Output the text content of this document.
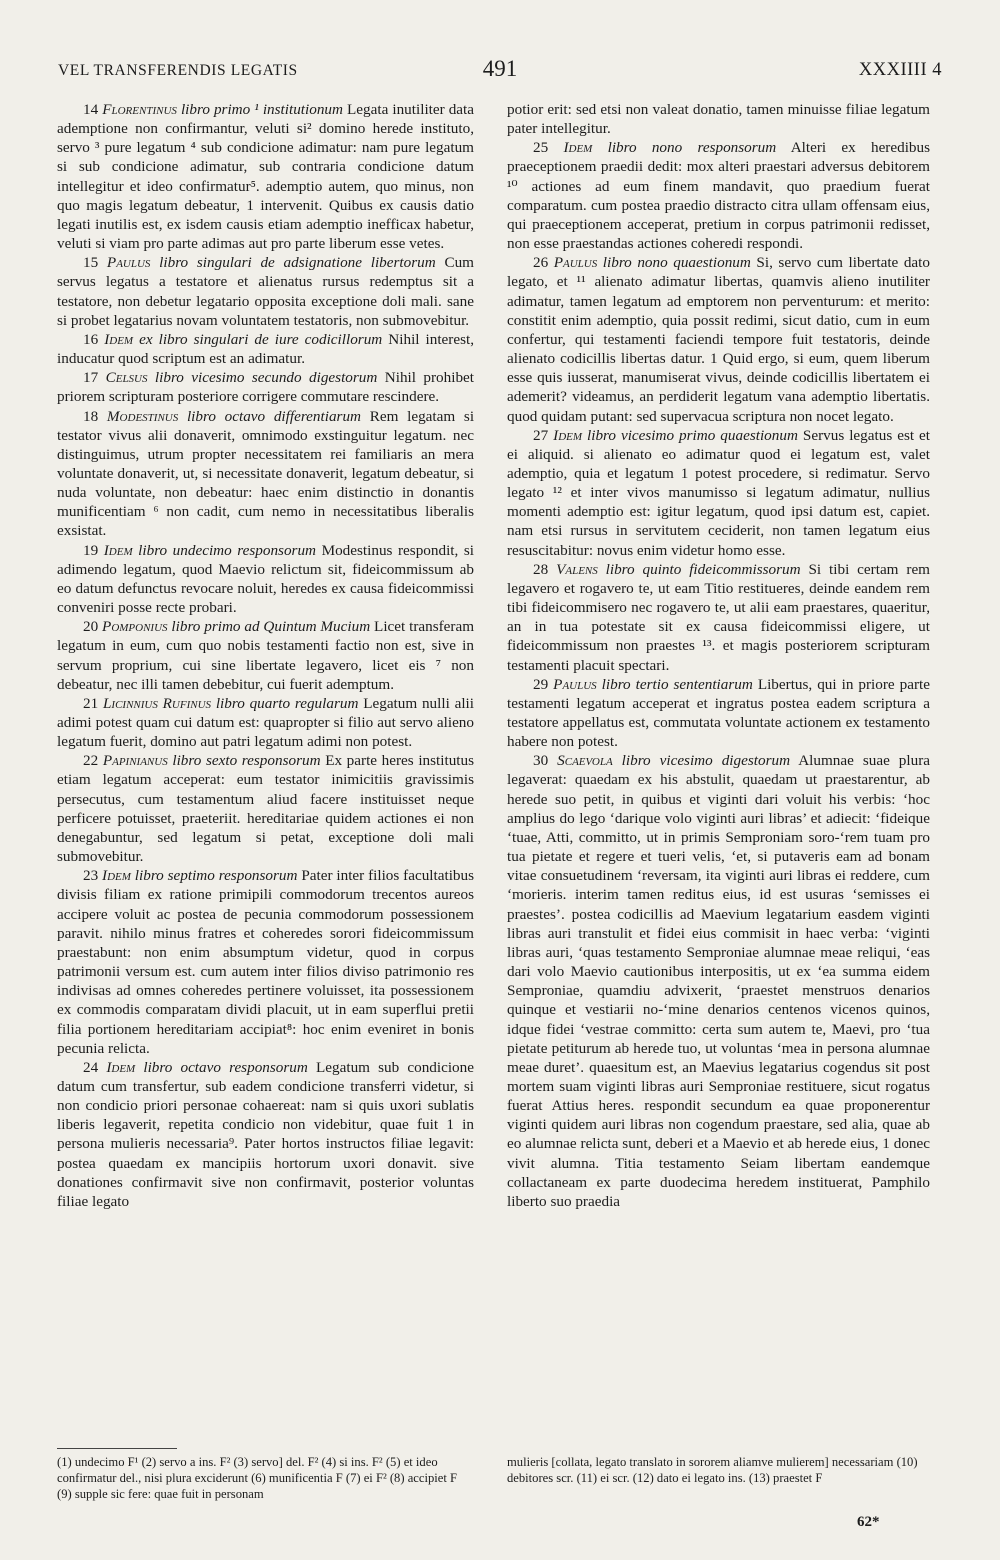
VEL TRANSFERENDIS LEGATIS	491	XXXIIII 4

14 Florentinus libro primo ¹ institutionum Legata inutiliter data ademptione non confirmantur, veluti si² domino herede instituto, servo ³ pure legatum ⁴ sub condicione adimatur: nam pure legatum si sub condicione adimatur, sub contraria condicione datum intellegitur et ideo confirmatur⁵. ademptio autem, quo minus, non quo magis legatum debeatur, 1 intervenit. Quibus ex causis datio legati inutilis est, ex isdem causis etiam ademptio inefficax habetur, veluti si viam pro parte adimas aut pro parte liberum esse vetes.

15 Paulus libro singulari de adsignatione libertorum Cum servus legatus a testatore et alienatus rursus redemptus sit a testatore, non debetur legatario opposita exceptione doli mali. sane si probet legatarius novam voluntatem testatoris, non submovebitur.

16 Idem ex libro singulari de iure codicillorum Nihil interest, inducatur quod scriptum est an adimatur.

17 Celsus libro vicesimo secundo digestorum Nihil prohibet priorem scripturam posteriore corrigere commutare rescindere.

18 Modestinus libro octavo differentiarum Rem legatam si testator vivus alii donaverit, omnimodo exstinguitur legatum. nec distinguimus, utrum propter necessitatem rei familiaris an mera voluntate donaverit, ut, si necessitate donaverit, legatum debeatur, si nuda voluntate, non debeatur: haec enim distinctio in donantis munificentiam ⁶ non cadit, cum nemo in necessitatibus liberalis exsistat.

19 Idem libro undecimo responsorum Modestinus respondit, si adimendo legatum, quod Maevio relictum sit, fideicommissum ab eo datum defunctus revocare noluit, heredes ex causa fideicommissi conveniri posse recte probari.

20 Pomponius libro primo ad Quintum Mucium Licet transferam legatum in eum, cum quo nobis testamenti factio non est, sive in servum proprium, cui sine libertate legavero, licet eis ⁷ non debeatur, nec illi tamen debebitur, cui fuerit ademptum.

21 Licinnius Rufinus libro quarto regularum Legatum nulli alii adimi potest quam cui datum est: quapropter si filio aut servo alieno legatum fuerit, domino aut patri legatum adimi non potest.

22 Papinianus libro sexto responsorum Ex parte heres institutus etiam legatum acceperat: eum testator inimicitiis gravissimis persecutus, cum testamentum aliud facere instituisset neque perficere potuisset, praeteriit. hereditariae quidem actiones ei non denegabuntur, sed legatum si petat, exceptione doli mali submovebitur.

23 Idem libro septimo responsorum Pater inter filios facultatibus divisis filiam ex ratione primipili commodorum trecentos aureos accipere voluit ac postea de pecunia commodorum possessionem paravit. nihilo minus fratres et coheredes sorori fideicommissum praestabunt: non enim absumptum videtur, quod in corpus patrimonii versum est. cum autem inter filios diviso patrimonio res indivisas ad omnes coheredes pertinere voluisset, ita possessionem ex commodis comparatam dividi placuit, ut in eam superflui pretii filia portionem hereditariam accipiat⁸: hoc enim eveniret in bonis pecunia relicta.

24 Idem libro octavo responsorum Legatum sub condicione datum cum transfertur, sub eadem condicione transferri videtur, si non condicio priori personae cohaereat: nam si quis uxori sublatis liberis legaverit, repetita condicio non videbitur, quae fuit 1 in persona mulieris necessaria⁹. Pater hortos instructos filiae legavit: postea quaedam ex mancipiis hortorum uxori donavit. sive donationes confirmavit sive non confirmavit, posterior voluntas filiae legato

potior erit: sed etsi non valeat donatio, tamen minuisse filiae legatum pater intellegitur.

25 Idem libro nono responsorum Alteri ex heredibus praeceptionem praedii dedit: mox alteri praestari adversus debitorem ¹⁰ actiones ad eum finem mandavit, quo praedium fuerat comparatum. cum postea praedio distracto citra ullam offensam eius, qui praeceptionem acceperat, pretium in corpus patrimonii redisset, non esse praestandas actiones coheredi respondi.

26 Paulus libro nono quaestionum Si, servo cum libertate dato legato, et ¹¹ alienato adimatur libertas, quamvis alieno inutiliter adimatur, tamen legatum ad emptorem non perventurum: et merito: constitit enim ademptio, quia possit redimi, sicut datio, cum in eum confertur, qui testamenti faciendi tempore fuit testatoris, deinde alienato codicillis libertas datur. 1 Quid ergo, si eum, quem liberum esse quis iusserat, manumiserat vivus, deinde codicillis libertatem ei ademerit? videamus, an perdiderit legatum vana ademptio libertatis. quod quidam putant: sed supervacua scriptura non nocet legato.

27 Idem libro vicesimo primo quaestionum Servus legatus est et ei aliquid. si alienato eo adimatur quod ei legatum est, valet ademptio, quia et legatum 1 potest procedere, si redimatur. Servo legato ¹² et inter vivos manumisso si legatum adimatur, nullius momenti ademptio est: igitur legatum, quod ipsi datum est, capiet. nam etsi rursus in servitutem ceciderit, non tamen legatum eius resuscitabitur: novus enim videtur homo esse.

28 Valens libro quinto fideicommissorum Si tibi certam rem legavero et rogavero te, ut eam Titio restitueres, deinde eandem rem tibi fideicommisero nec rogavero te, ut alii eam praestares, quaeritur, an in tua potestate sit ex causa fideicommissi eligere, ut fideicommissum non praestes ¹³. et magis posteriorem scripturam testamenti placuit spectari.

29 Paulus libro tertio sententiarum Libertus, qui in priore parte testamenti legatum acceperat et ingratus postea eadem scriptura a testatore appellatus est, commutata voluntate actionem ex testamento habere non potest.

30 Scaevola libro vicesimo digestorum Alumnae suae plura legaverat: quaedam ex his abstulit, quaedam ut praestarentur, ab herede suo petit, in quibus et viginti dari voluit his verbis: ‘hoc amplius do lego ‘darique volo viginti auri libras’ et adiecit: ‘fideique ‘tuae, Atti, committo, ut in primis Semproniam soro-‘rem tuam pro tua pietate et regere et tueri velis, ‘et, si putaveris eam ad bonam vitae consuetudinem ‘reversam, ita viginti auri libras ei reddere, cum ‘morieris. interim tamen reditus eius, id est usuras ‘semisses ei praestes’. postea codicillis ad Maevium legatarium easdem viginti libras auri transtulit et fidei eius commisit in haec verba: ‘viginti libras auri, ‘quas testamento Semproniae alumnae meae reliqui, ‘eas dari volo Maevio cautionibus interpositis, ut ex ‘ea summa eidem Semproniae, quamdiu advixerit, ‘praestet menstruos denarios quinque et vestiarii no-‘mine denarios centenos vicenos quinos, idque fidei ‘vestrae committo: certa sum autem te, Maevi, pro ‘tua pietate petiturum ab herede tuo, ut voluntas ‘mea in persona alumnae meae duret’. quaesitum est, an Maevius legatarius cogendus sit post mortem suam viginti libras auri Semproniae restituere, sicut rogatus fuerat Attius heres. respondit secundum ea quae proponerentur viginti quidem auri libras non cogendum praestare, sed alia, quae ab eo alumnae relicta sunt, deberi et a Maevio et ab herede eius, 1 donec vivit alumna. Titia testamento Seiam libertam eandemque collactaneam ex parte duodecima heredem instituerat, Pamphilo liberto suo praedia

(1) undecimo F¹ (2) servo a ins. F² (3) servo] del. F² (4) si ins. F² (5) et ideo confirmatur del., nisi plura exciderunt (6) munificentia F (7) ei F² (8) accipiet F (9) supple sic fere: quae fuit in personam
mulieris [collata, legato translato in sororem aliamve mulierem] necessariam (10) debitores scr. (11) ei scr. (12) dato ei legato ins. (13) praestet F
62*
